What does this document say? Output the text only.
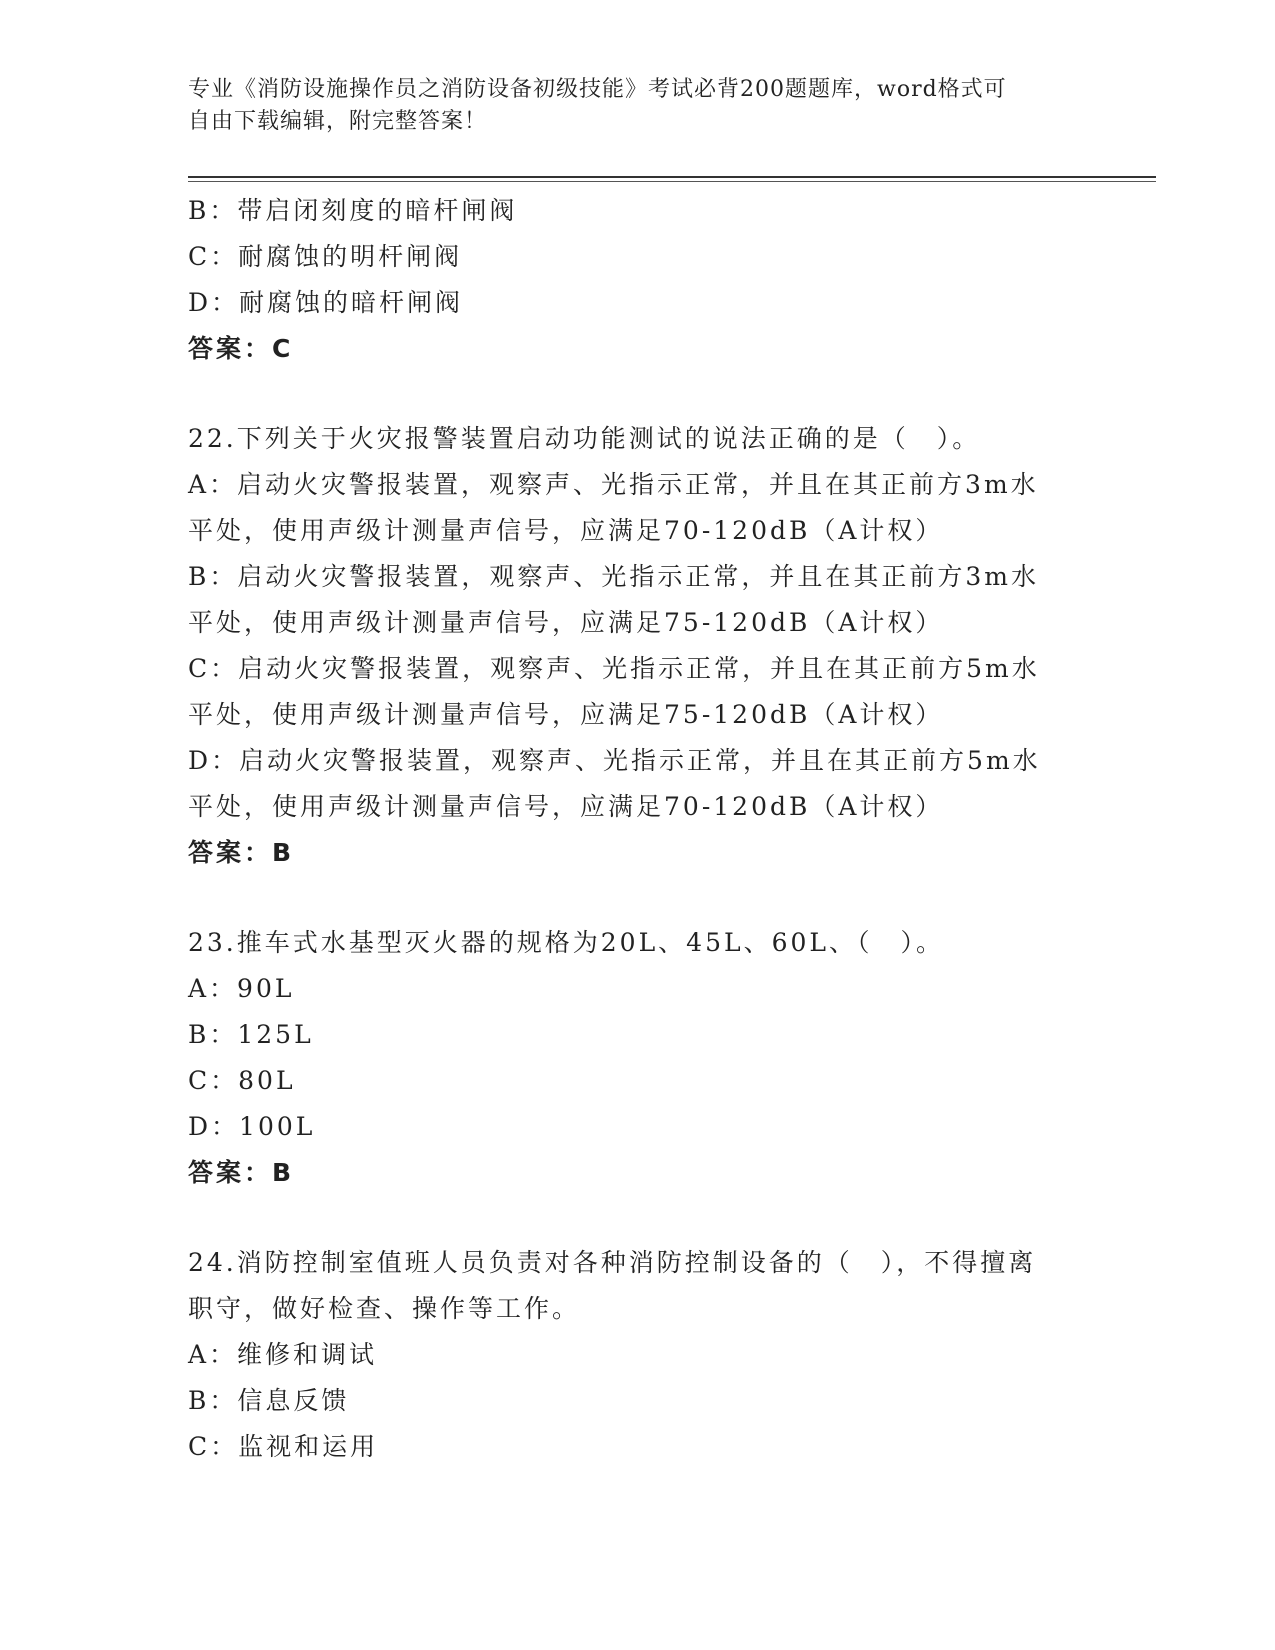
专业《消防设施操作员之消防设备初级技能》考试必背200题题库，word格式可
自由下载编辑，附完整答案！
B：带启闭刻度的暗杆闸阀
C：耐腐蚀的明杆闸阀
D：耐腐蚀的暗杆闸阀
答案：C
22.下列关于火灾报警装置启动功能测试的说法正确的是（　）。
A：启动火灾警报装置，观察声、光指示正常，并且在其正前方3m水
平处，使用声级计测量声信号，应满足70-120dB（A计权）
B：启动火灾警报装置，观察声、光指示正常，并且在其正前方3m水
平处，使用声级计测量声信号，应满足75-120dB（A计权）
C：启动火灾警报装置，观察声、光指示正常，并且在其正前方5m水
平处，使用声级计测量声信号，应满足75-120dB（A计权）
D：启动火灾警报装置，观察声、光指示正常，并且在其正前方5m水
平处，使用声级计测量声信号，应满足70-120dB（A计权）
答案：B
23.推车式水基型灭火器的规格为20L、45L、60L、（　）。
A：90L
B：125L
C：80L
D：100L
答案：B
24.消防控制室值班人员负责对各种消防控制设备的（　），不得擅离
职守，做好检查、操作等工作。
A：维修和调试
B：信息反馈
C：监视和运用
